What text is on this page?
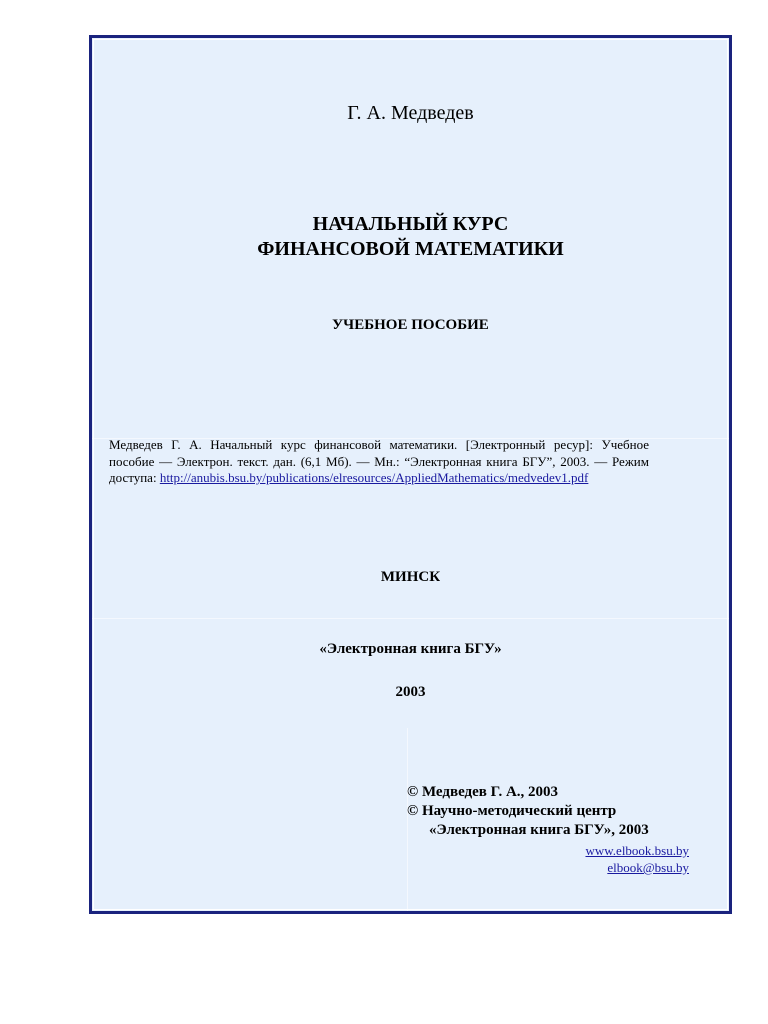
Г. А. Медведев
НАЧАЛЬНЫЙ КУРС
ФИНАНСОВОЙ МАТЕМАТИКИ
УЧЕБНОЕ ПОСОБИЕ
Медведев Г. А. Начальный курс финансовой математики. [Электронный ресур]: Учебное пособие — Электрон. текст. дан. (6,1 Мб). — Мн.: “Электронная книга БГУ”, 2003. — Режим доступа: http://anubis.bsu.by/publications/elresources/AppliedMathematics/medvedev1.pdf
МИНСК
«Электронная книга БГУ»
2003
© Медведев Г. А., 2003
© Научно-методический центр
«Электронная книга БГУ», 2003
www.elbook.bsu.by
elbook@bsu.by
